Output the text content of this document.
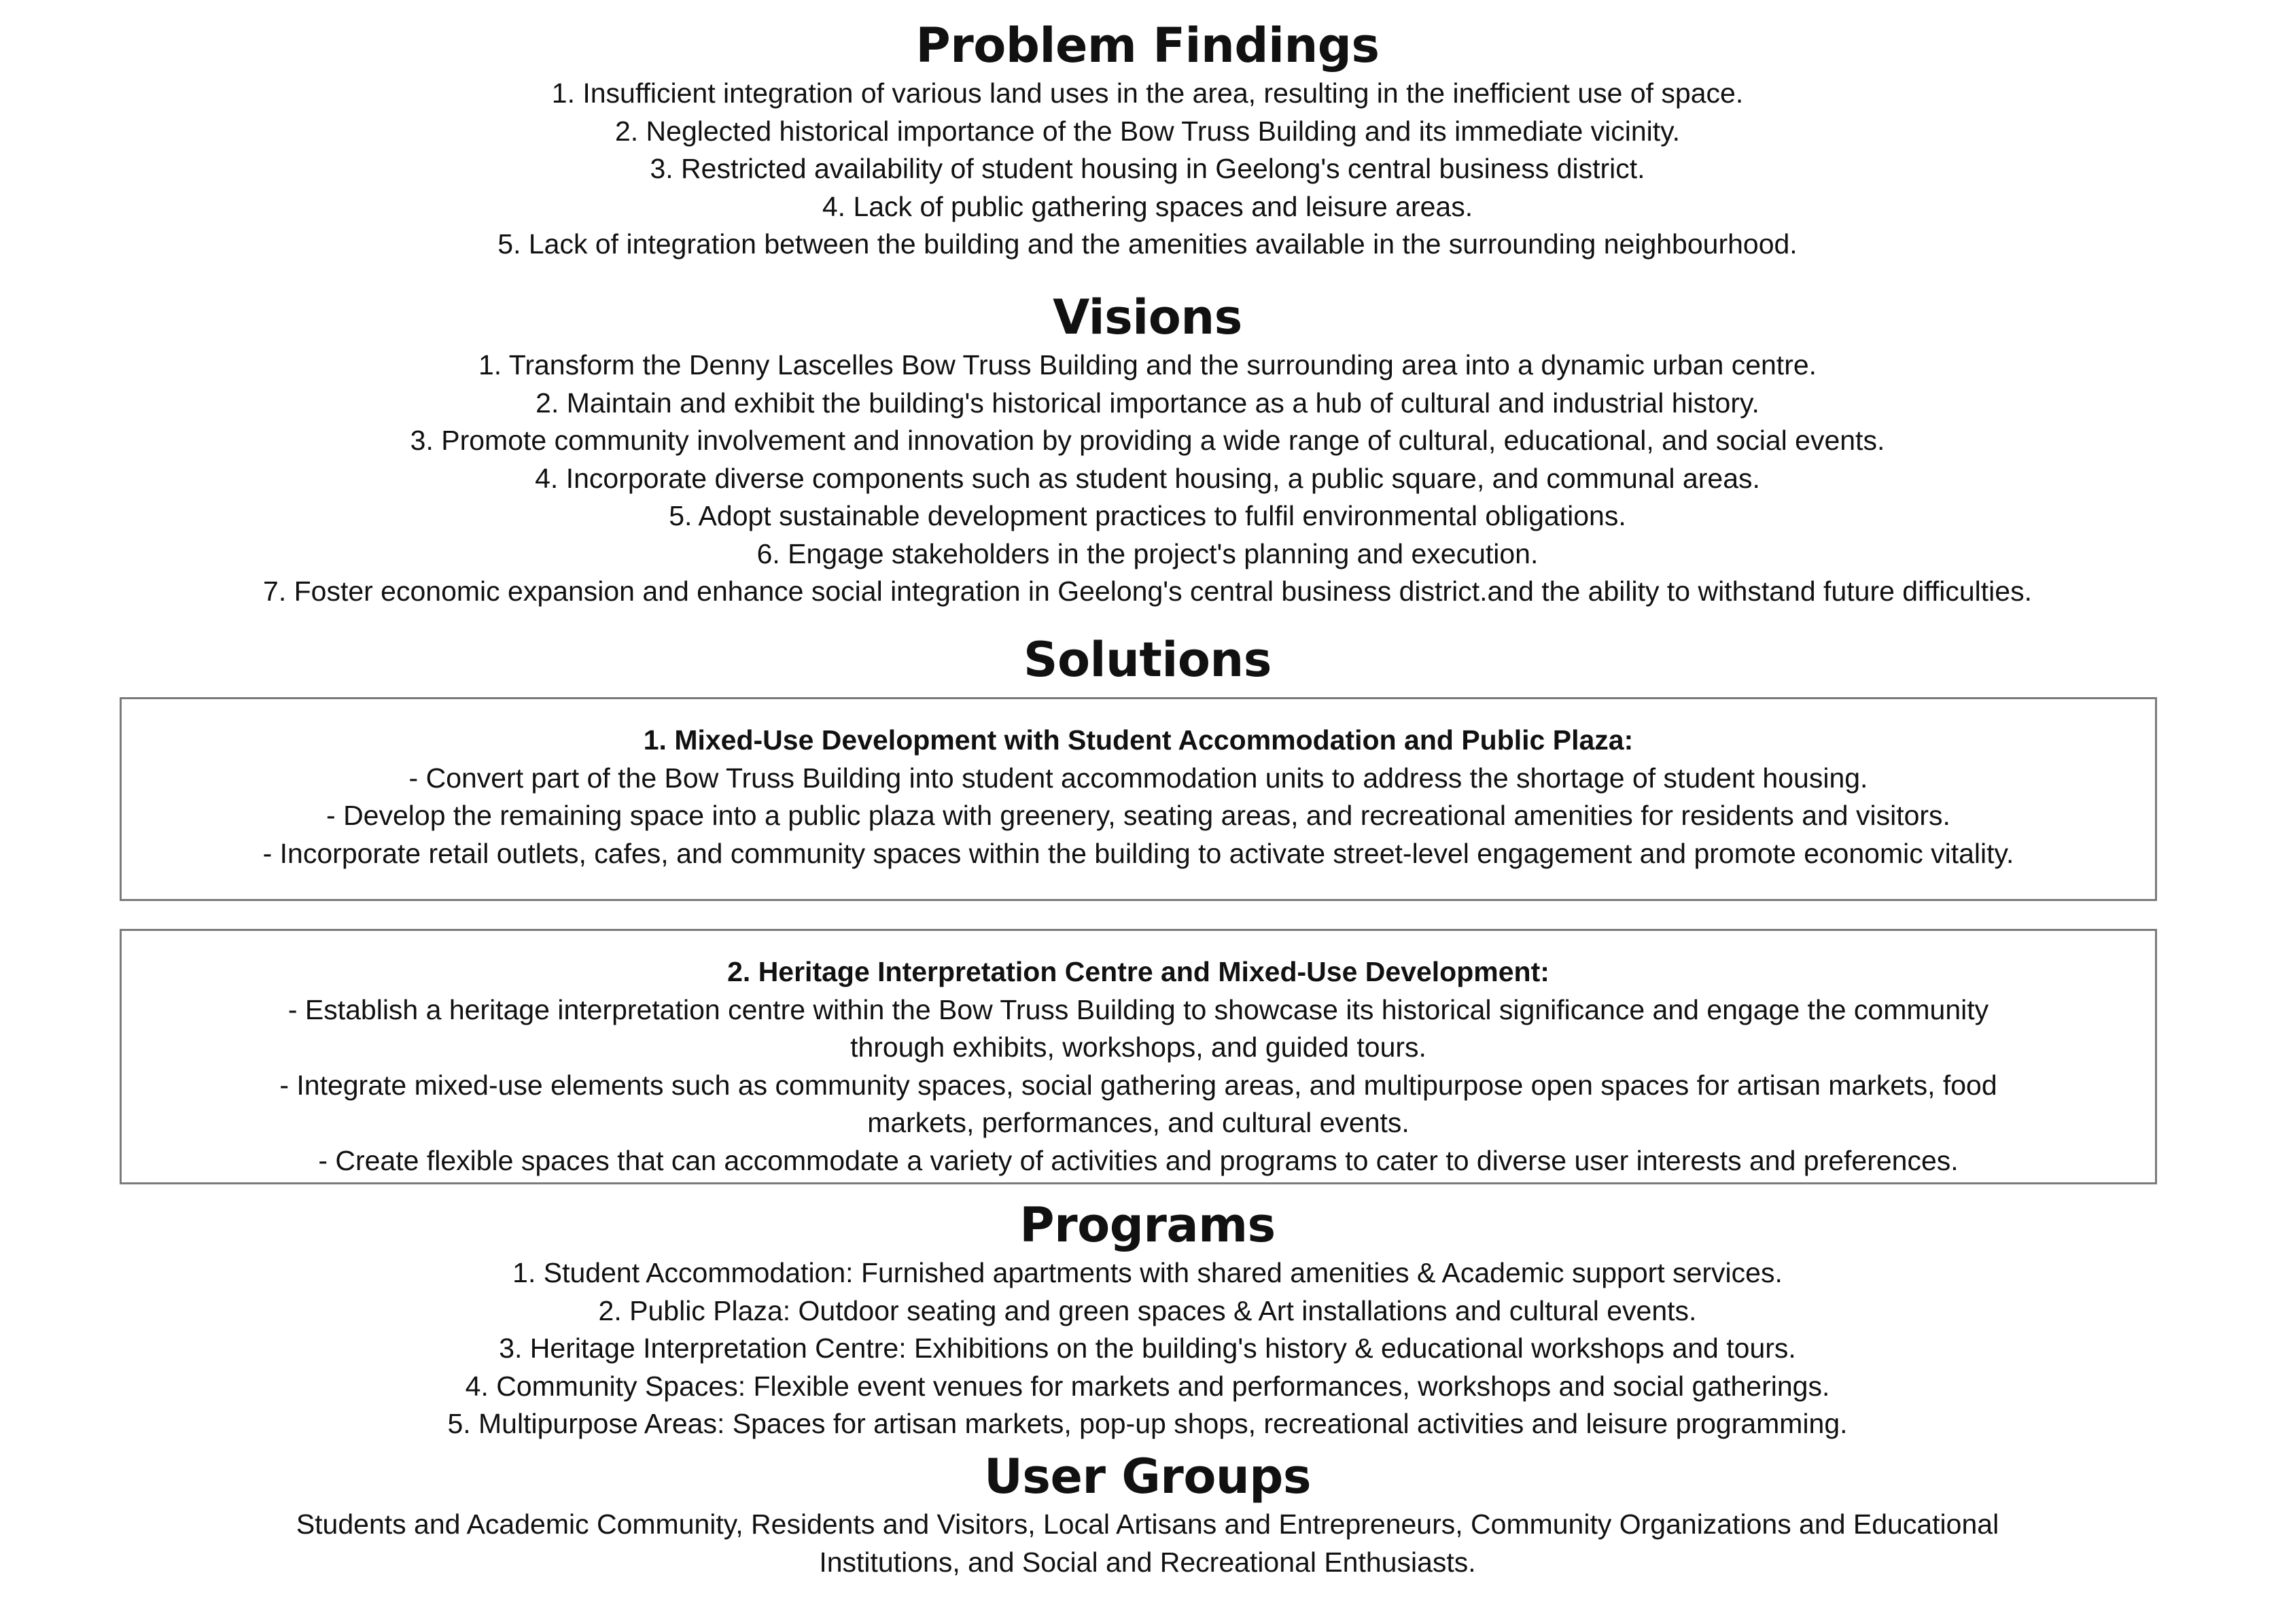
Problem Findings
1. Insufficient integration of various land uses in the area, resulting in the inefficient use of space.
2. Neglected historical importance of the Bow Truss Building and its immediate vicinity.
3. Restricted availability of student housing in Geelong's central business district.
4. Lack of public gathering spaces and leisure areas.
5. Lack of integration between the building and the amenities available in the surrounding neighbourhood.
Visions
1. Transform the Denny Lascelles Bow Truss Building and the surrounding area into a dynamic urban centre.
2. Maintain and exhibit the building's historical importance as a hub of cultural and industrial history.
3. Promote community involvement and innovation by providing a wide range of cultural, educational, and social events.
4. Incorporate diverse components such as student housing, a public square, and communal areas.
5. Adopt sustainable development practices to fulfil environmental obligations.
6. Engage stakeholders in the project's planning and execution.
7. Foster economic expansion and enhance social integration in Geelong's central business district.and the ability to withstand future difficulties.
Solutions
1. Mixed-Use Development with Student Accommodation and Public Plaza:
- Convert part of the Bow Truss Building into student accommodation units to address the shortage of student housing.
- Develop the remaining space into a public plaza with greenery, seating areas, and recreational amenities for residents and visitors.
- Incorporate retail outlets, cafes, and community spaces within the building to activate street-level engagement and promote economic vitality.
2. Heritage Interpretation Centre and Mixed-Use Development:
- Establish a heritage interpretation centre within the Bow Truss Building to showcase its historical significance and engage the community
through exhibits, workshops, and guided tours.
- Integrate mixed-use elements such as community spaces, social gathering areas, and multipurpose open spaces for artisan markets, food
markets, performances, and cultural events.
- Create flexible spaces that can accommodate a variety of activities and programs to cater to diverse user interests and preferences.
Programs
1. Student Accommodation: Furnished apartments with shared amenities & Academic support services.
2. Public Plaza: Outdoor seating and green spaces & Art installations and cultural events.
3. Heritage Interpretation Centre: Exhibitions on the building's history & educational workshops and tours.
4. Community Spaces: Flexible event venues for markets and performances, workshops and social gatherings.
5. Multipurpose Areas: Spaces for artisan markets, pop-up shops, recreational activities and leisure programming.
User Groups
Students and Academic Community, Residents and Visitors, Local Artisans and Entrepreneurs, Community Organizations and Educational Institutions, and Social and Recreational Enthusiasts.
